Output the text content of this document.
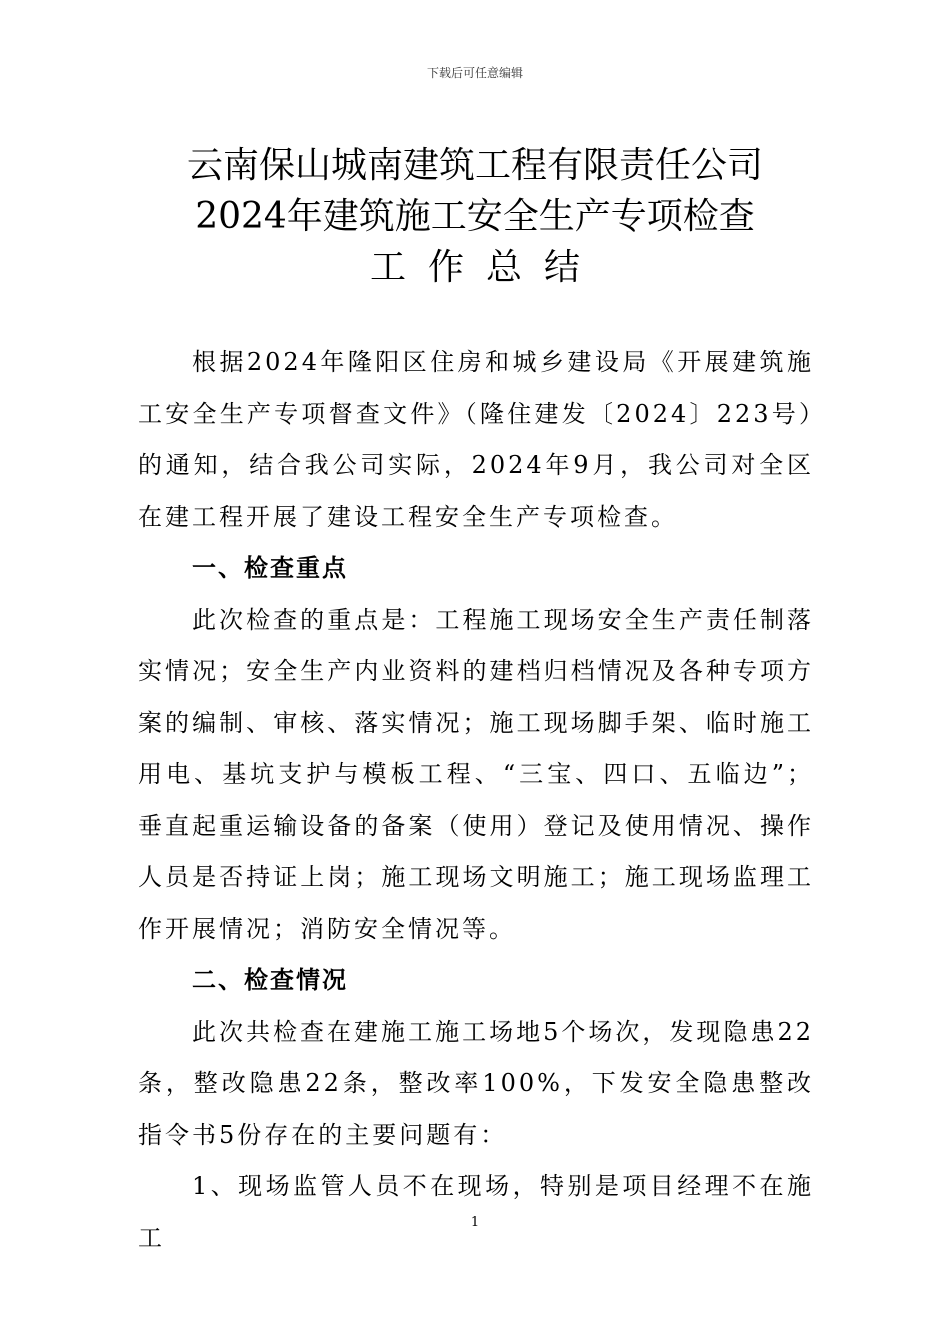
下载后可任意编辑
云南保山城南建筑工程有限责任公司
2024年建筑施工安全生产专项检查
工作总结

根据2024年隆阳区住房和城乡建设局《开展建筑施工安全生产专项督查文件》（隆住建发〔2024〕223号）的通知，结合我公司实际，2024年9月，我公司对全区在建工程开展了建设工程安全生产专项检查。

一、检查重点

此次检查的重点是：工程施工现场安全生产责任制落实情况；安全生产内业资料的建档归档情况及各种专项方案的编制、审核、落实情况；施工现场脚手架、临时施工用电、基坑支护与模板工程、“三宝、四口、五临边”；垂直起重运输设备的备案（使用）登记及使用情况、操作人员是否持证上岗；施工现场文明施工；施工现场监理工作开展情况；消防安全情况等。

二、检查情况

此次共检查在建施工施工场地5个场次，发现隐患22条，整改隐患22条，整改率100%，下发安全隐患整改指令书5份存在的主要问题有：

1、现场监管人员不在现场，特别是项目经理不在施工

1
